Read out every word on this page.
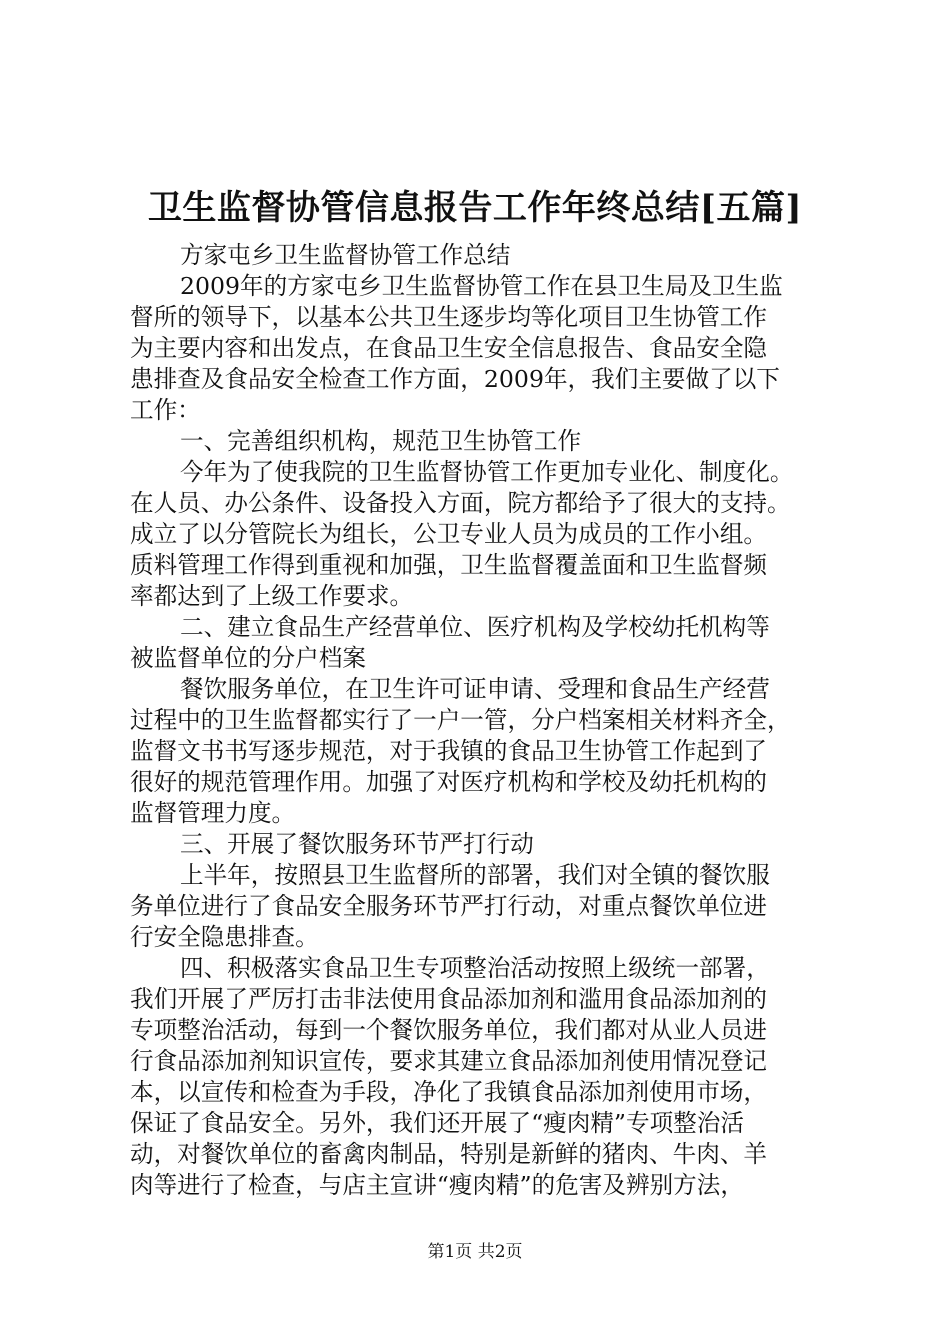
卫生监督协管信息报告工作年终总结[五篇]
方家屯乡卫生监督协管工作总结
2009年的方家屯乡卫生监督协管工作在县卫生局及卫生监
督所的领导下，以基本公共卫生逐步均等化项目卫生协管工作
为主要内容和出发点，在食品卫生安全信息报告、食品安全隐
患排查及食品安全检查工作方面，2009年，我们主要做了以下
工作：
一、完善组织机构，规范卫生协管工作
今年为了使我院的卫生监督协管工作更加专业化、制度化。
在人员、办公条件、设备投入方面，院方都给予了很大的支持。
成立了以分管院长为组长，公卫专业人员为成员的工作小组。
质料管理工作得到重视和加强，卫生监督覆盖面和卫生监督频
率都达到了上级工作要求。
二、建立食品生产经营单位、医疗机构及学校幼托机构等
被监督单位的分户档案
餐饮服务单位，在卫生许可证申请、受理和食品生产经营
过程中的卫生监督都实行了一户一管，分户档案相关材料齐全，
监督文书书写逐步规范，对于我镇的食品卫生协管工作起到了
很好的规范管理作用。加强了对医疗机构和学校及幼托机构的
监督管理力度。
三、开展了餐饮服务环节严打行动
上半年，按照县卫生监督所的部署，我们对全镇的餐饮服
务单位进行了食品安全服务环节严打行动，对重点餐饮单位进
行安全隐患排查。
四、积极落实食品卫生专项整治活动按照上级统一部署，
我们开展了严厉打击非法使用食品添加剂和滥用食品添加剂的
专项整治活动，每到一个餐饮服务单位，我们都对从业人员进
行食品添加剂知识宣传，要求其建立食品添加剂使用情况登记
本，以宣传和检查为手段，净化了我镇食品添加剂使用市场，
保证了食品安全。另外，我们还开展了“瘦肉精”专项整治活
动，对餐饮单位的畜禽肉制品，特别是新鲜的猪肉、牛肉、羊
肉等进行了检查，与店主宣讲“瘦肉精”的危害及辨别方法，
第1页 共2页
